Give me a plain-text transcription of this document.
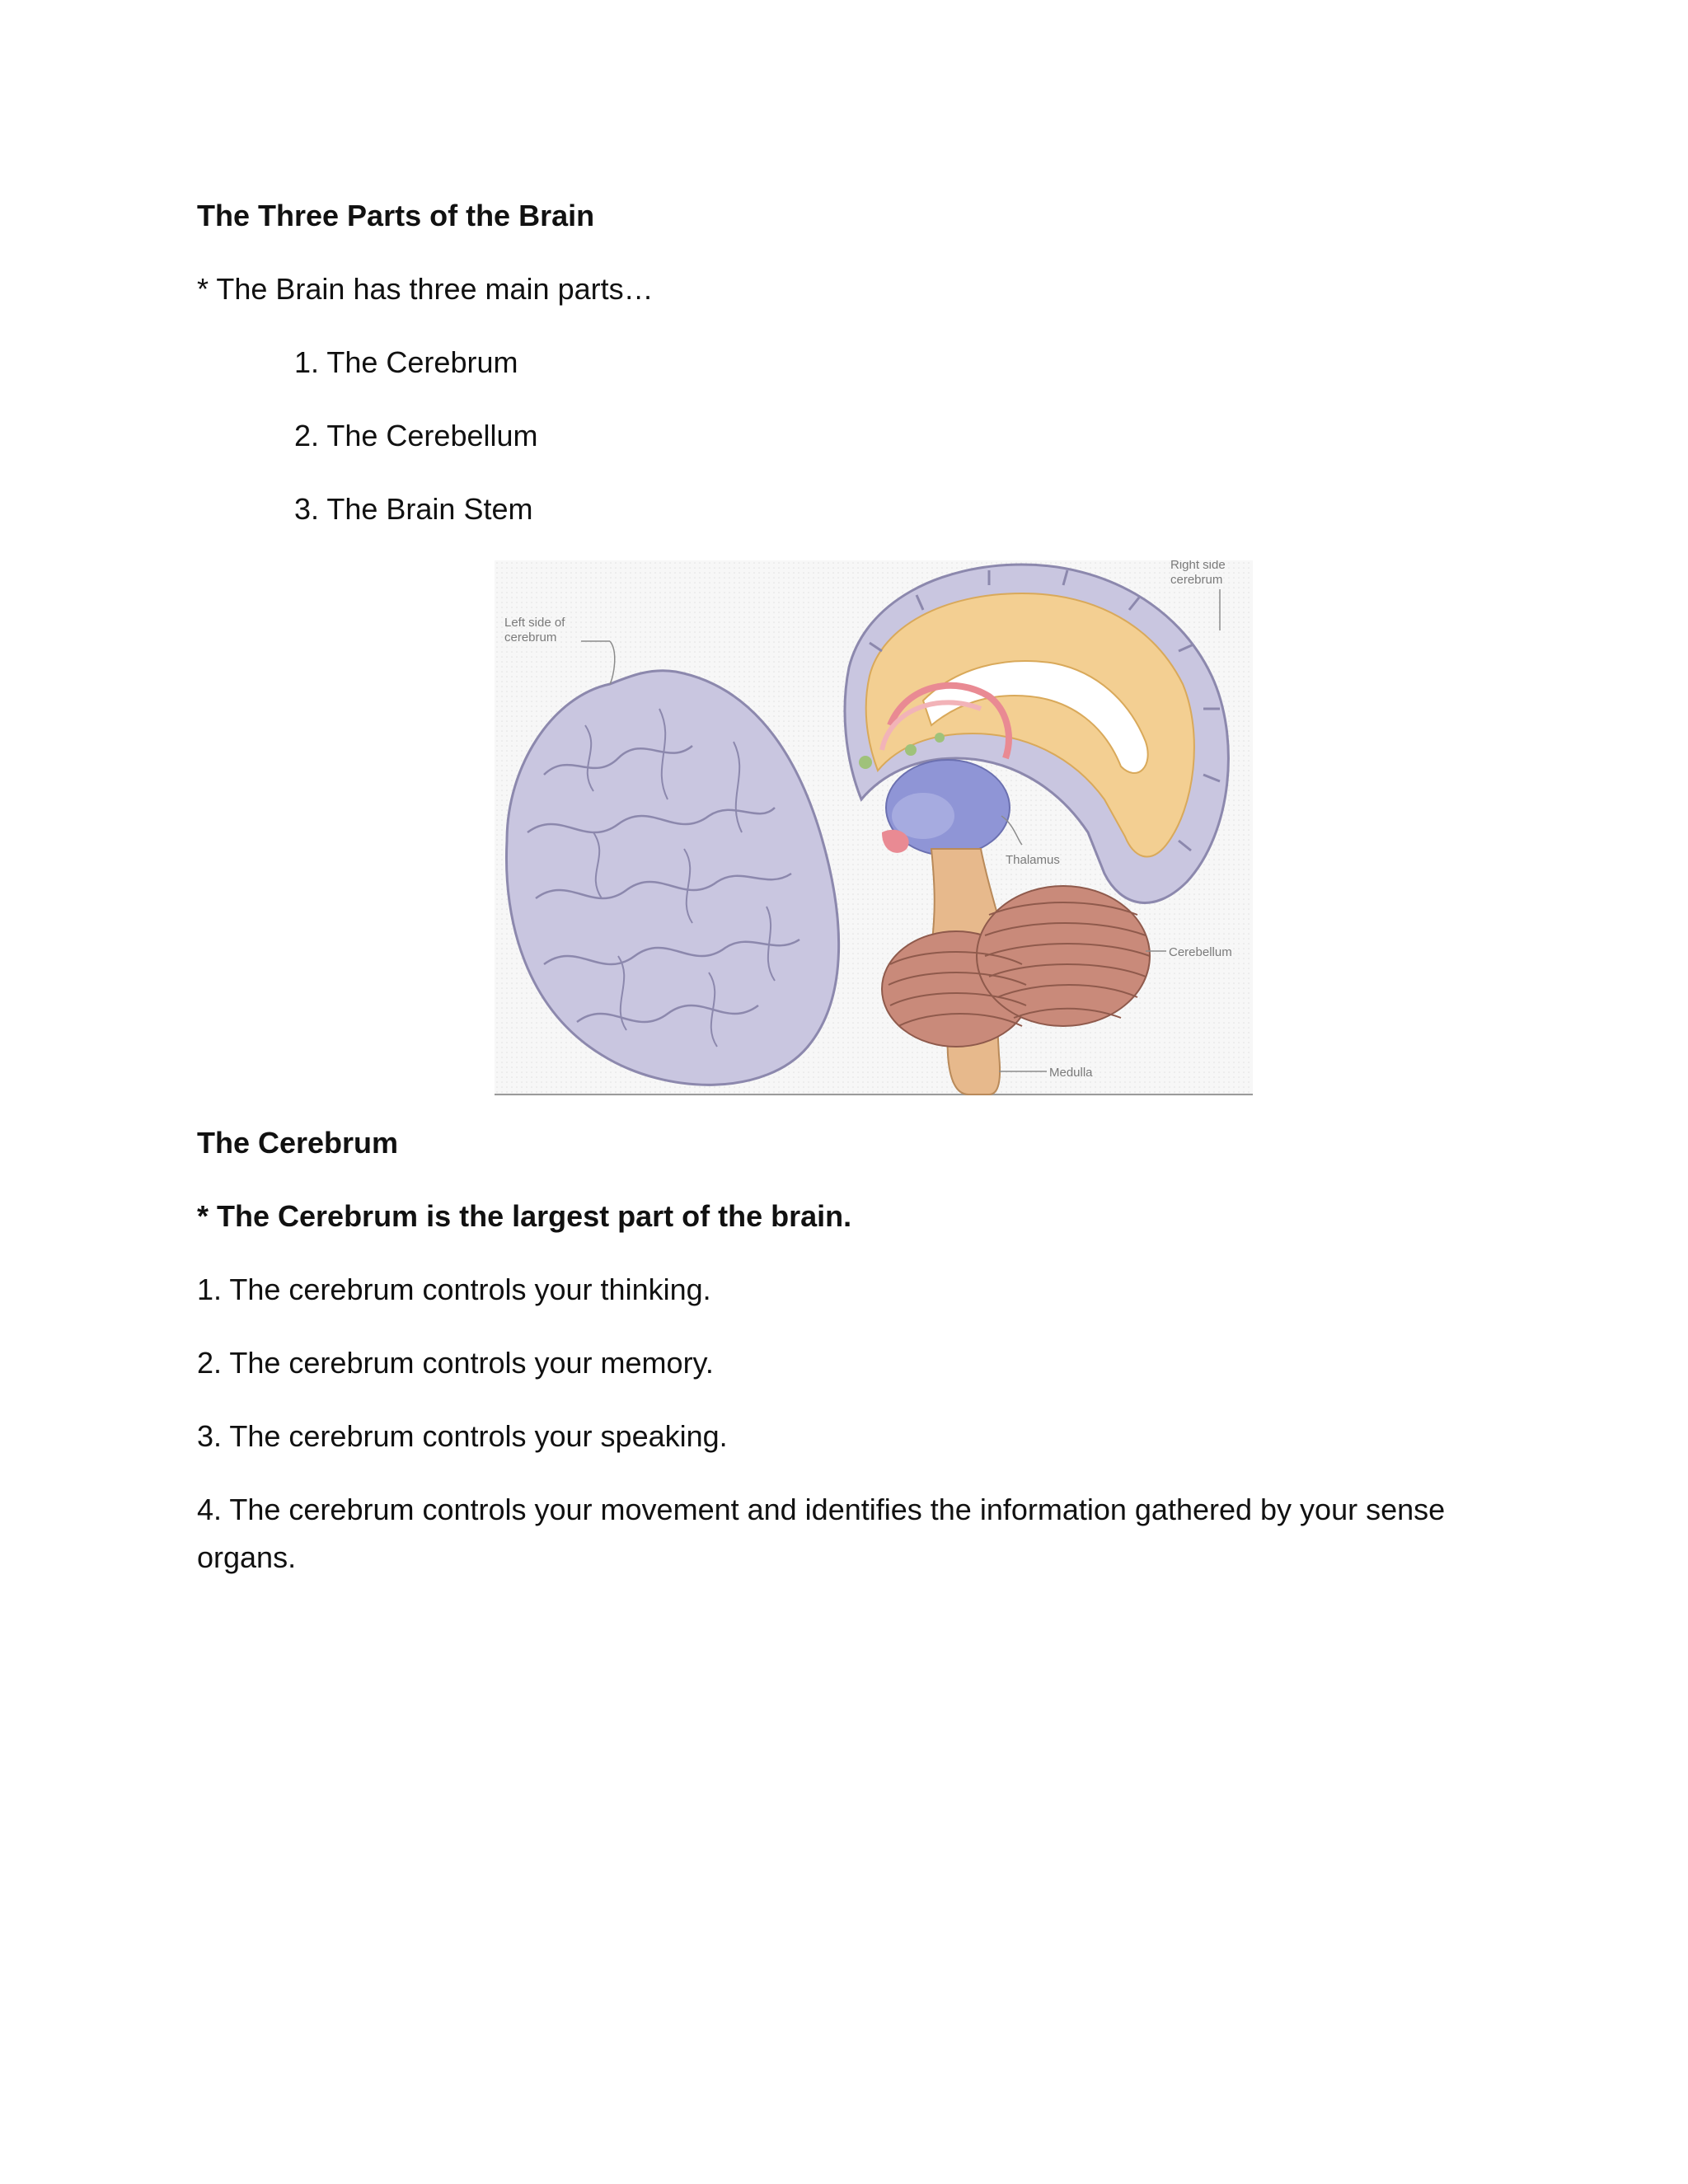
The Three Parts of the Brain
* The Brain has three main parts…
1. The Cerebrum
2. The Cerebellum
3. The Brain Stem
Left side of
cerebrum
Right side
cerebrum
Thalamus
Cerebellum
Medulla
The Cerebrum
* The Cerebrum is the largest part of the brain.
1. The cerebrum controls your thinking.
2. The cerebrum controls your memory.
3. The cerebrum controls your speaking.
4. The cerebrum controls your movement and identifies the information gathered by your sense organs.
